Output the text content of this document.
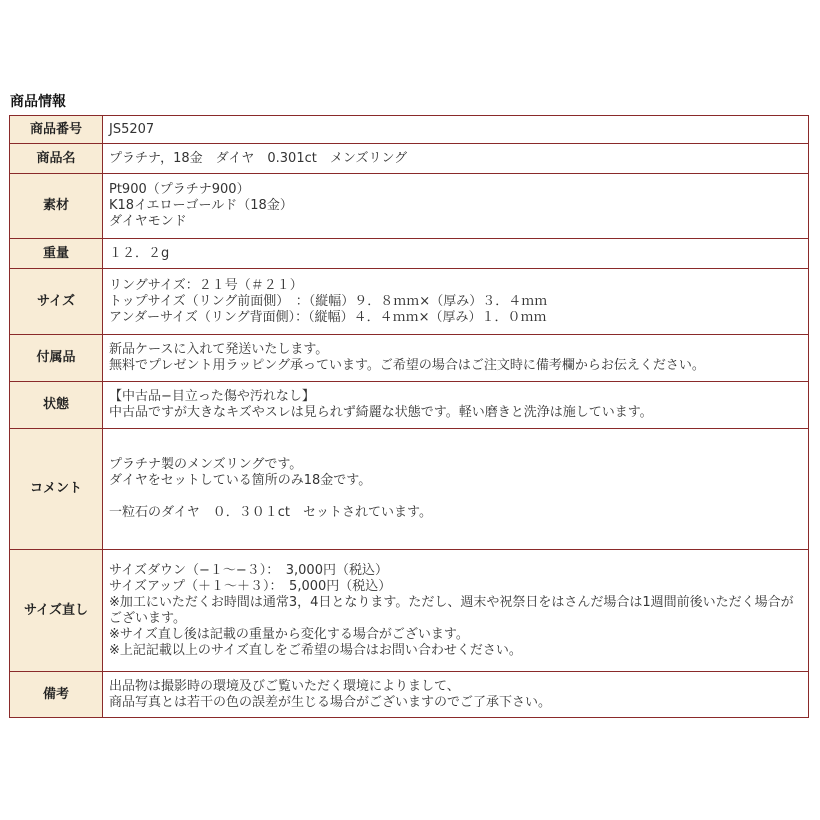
商品情報
商品番号	JS5207

商品名	プラチナ，18金　ダイヤ　0.301ct　メンズリング

素材	Pt900（プラチナ900）
K18イエローゴールド（18金）
ダイヤモンド

重量	１２．２g

サイズ	リングサイズ：２１号（＃２１）
トップサイズ（リング前面側）　：（縦幅）９．８ｍｍ×（厚み）３．４ｍｍ
アンダーサイズ（リング背面側）：（縦幅）４．４ｍｍ×（厚み）１．０ｍｍ

付属品	新品ケースに入れて発送いたします。
無料でプレゼント用ラッピング承っています。ご希望の場合はご注文時に備考欄からお伝えください。

状態	【中古品−目立った傷や汚れなし】
中古品ですが大きなキズやスレは見られず綺麗な状態です。軽い磨きと洗浄は施しています。

コメント	プラチナ製のメンズリングです。
ダイヤをセットしている箇所のみ18金です。
一粒石のダイヤ　０．３０１ct　セットされています。

サイズ直し	サイズダウン（−１〜−３）：　3,000円（税込）
サイズアップ（＋１〜＋３）：　5,000円（税込）
※加工にいただくお時間は通常3，4日となります。ただし、週末や祝祭日をはさんだ場合は1週間前後いただく場合がございます。
※サイズ直し後は記載の重量から変化する場合がございます。
※上記記載以上のサイズ直しをご希望の場合はお問い合わせください。

備考	出品物は撮影時の環境及びご覧いただく環境によりまして、
商品写真とは若干の色の誤差が生じる場合がございますのでご了承下さい。
